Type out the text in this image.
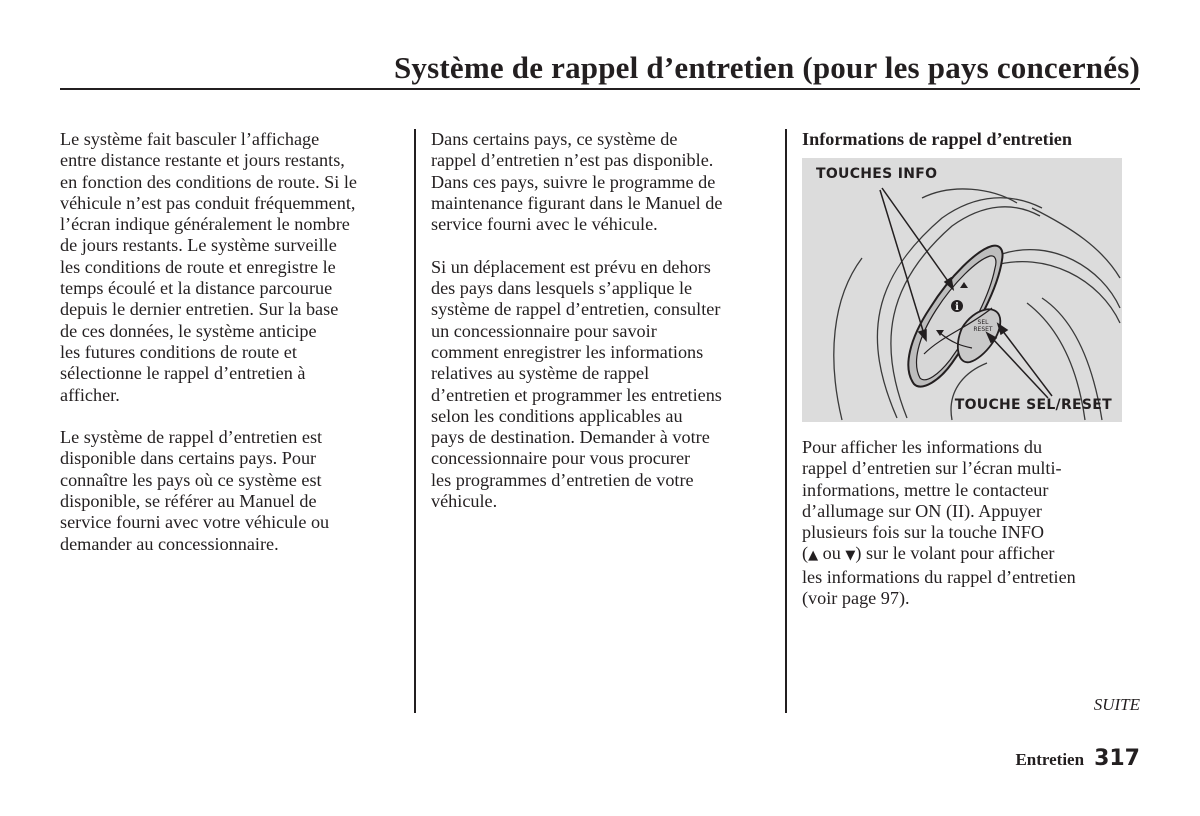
Système de rappel d’entretien (pour les pays concernés)

Le système fait basculer l’affichage
entre distance restante et jours restants,
en fonction des conditions de route. Si le
véhicule n’est pas conduit fréquemment,
l’écran indique généralement le nombre
de jours restants. Le système surveille
les conditions de route et enregistre le
temps écoulé et la distance parcourue
depuis le dernier entretien. Sur la base
de ces données, le système anticipe
les futures conditions de route et
sélectionne le rappel d’entretien à
afficher.

Le système de rappel d’entretien est
disponible dans certains pays. Pour
connaître les pays où ce système est
disponible, se référer au Manuel de
service fourni avec votre véhicule ou
demander au concessionnaire.

Dans certains pays, ce système de
rappel d’entretien n’est pas disponible.
Dans ces pays, suivre le programme de
maintenance figurant dans le Manuel de
service fourni avec le véhicule.

Si un déplacement est prévu en dehors
des pays dans lesquels s’applique le
système de rappel d’entretien, consulter
un concessionnaire pour savoir
comment enregistrer les informations
relatives au système de rappel
d’entretien et programmer les entretiens
selon les conditions applicables au
pays de destination. Demander à votre
concessionnaire pour vous procurer
les programmes d’entretien de votre
véhicule.

Informations de rappel d’entretien
i
SEL
RESET
TOUCHES INFO
TOUCHE SEL/RESET

Pour afficher les informations du
rappel d’entretien sur l’écran multi-
informations, mettre le contacteur
d’allumage sur ON (II). Appuyer
plusieurs fois sur la touche INFO
(▲ ou ▼) sur le volant pour afficher
les informations du rappel d’entretien
(voir page 97).

SUITE
Entretien 317
